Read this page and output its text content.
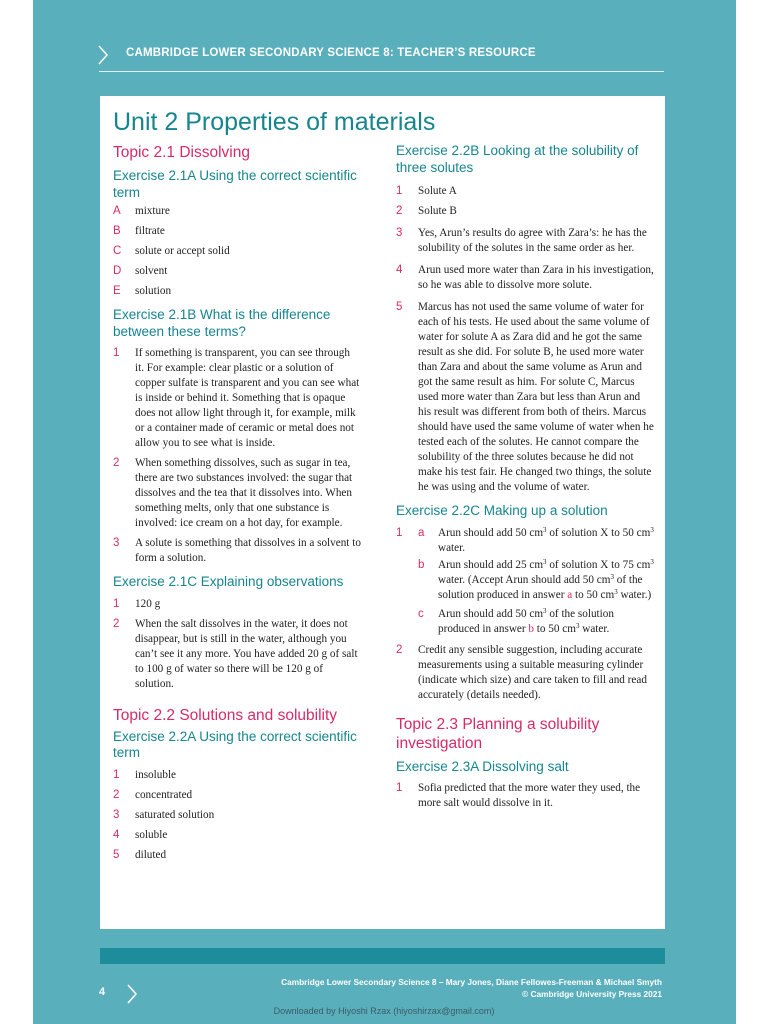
CAMBRIDGE LOWER SECONDARY SCIENCE 8: TEACHER’S RESOURCE
Unit 2 Properties of materials
Topic 2.1 Dissolving
Exercise 2.1A Using the correct scientific term
A	mixture
B	filtrate
C	solute or accept solid
D	solvent
E	solution
Exercise 2.1B What is the difference between these terms?
1	If something is transparent, you can see through it. For example: clear plastic or a solution of copper sulfate is transparent and you can see what is inside or behind it. Something that is opaque does not allow light through it, for example, milk or a container made of ceramic or metal does not allow you to see what is inside.
2	When something dissolves, such as sugar in tea, there are two substances involved: the sugar that dissolves and the tea that it dissolves into. When something melts, only that one substance is involved: ice cream on a hot day, for example.
3	A solute is something that dissolves in a solvent to form a solution.
Exercise 2.1C Explaining observations
1	120 g
2	When the salt dissolves in the water, it does not disappear, but is still in the water, although you can’t see it any more. You have added 20 g of salt to 100 g of water so there will be 120 g of solution.
Topic 2.2 Solutions and solubility
Exercise 2.2A Using the correct scientific term
1	insoluble
2	concentrated
3	saturated solution
4	soluble
5	diluted
Exercise 2.2B Looking at the solubility of three solutes
1	Solute A
2	Solute B
3	Yes, Arun’s results do agree with Zara’s: he has the solubility of the solutes in the same order as her.
4	Arun used more water than Zara in his investigation, so he was able to dissolve more solute.
5	Marcus has not used the same volume of water for each of his tests. He used about the same volume of water for solute A as Zara did and he got the same result as she did. For solute B, he used more water than Zara and about the same volume as Arun and got the same result as him. For solute C, Marcus used more water than Zara but less than Arun and his result was different from both of theirs. Marcus should have used the same volume of water when he tested each of the solutes. He cannot compare the solubility of the three solutes because he did not make his test fair. He changed two things, the solute he was using and the volume of water.
Exercise 2.2C Making up a solution
1	a	Arun should add 50 $cm^3$ of solution X to 50 $cm^3$ water.
b	Arun should add 25 $cm^3$ of solution X to 75 $cm^3$ water. (Accept Arun should add 50 $cm^3$ of the solution produced in answer a to 50 $cm^3$ water.)
c	Arun should add 50 $cm^3$ of the solution produced in answer b to 50 $cm^3$ water.
2	Credit any sensible suggestion, including accurate measurements using a suitable measuring cylinder (indicate which size) and care taken to fill and read accurately (details needed).
Topic 2.3 Planning a solubility investigation
Exercise 2.3A Dissolving salt
1	Sofia predicted that the more water they used, the more salt would dissolve in it.
4
Cambridge Lower Secondary Science 8 – Mary Jones, Diane Fellowes-Freeman & Michael Smyth
© Cambridge University Press 2021
Downloaded by Hiyoshi Rzax (hiyoshirzax@gmail.com)
